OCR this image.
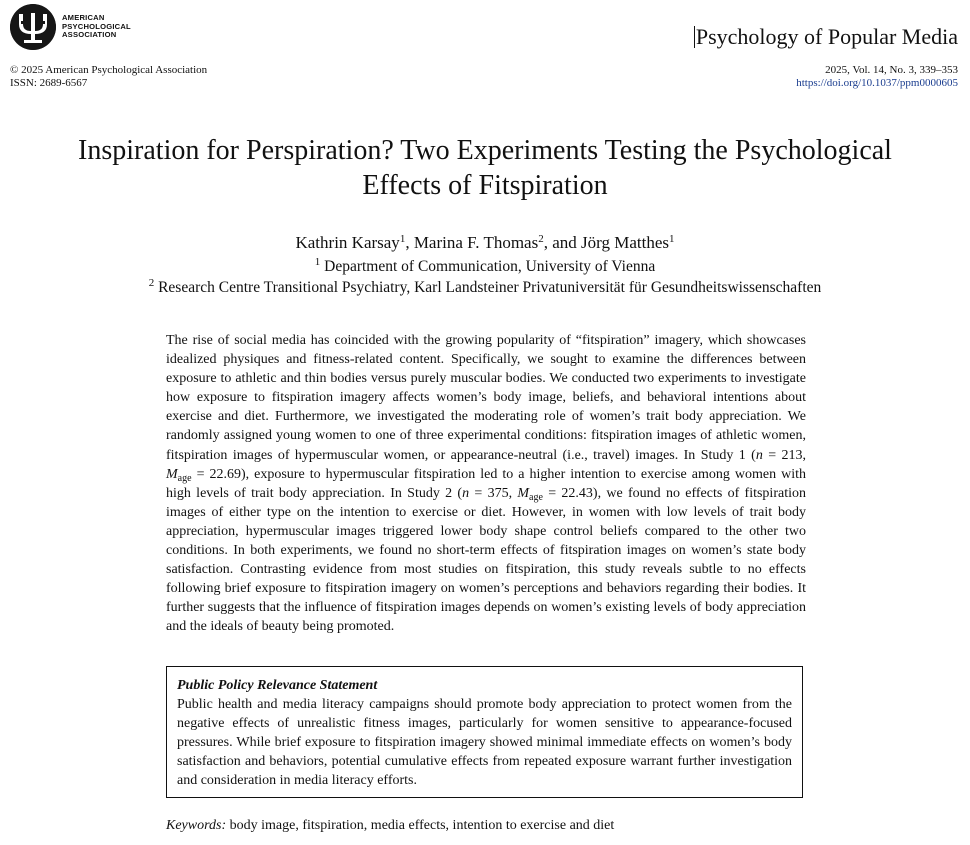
AMERICAN
PSYCHOLOGICAL
ASSOCIATION	Psychology of Popular Media
© 2025 American Psychological Association
ISSN: 2689-6567
2025, Vol. 14, No. 3, 339–353
https://doi.org/10.1037/ppm0000605
Inspiration for Perspiration? Two Experiments Testing the Psychological
Effects of Fitspiration
Kathrin Karsay$^1$, Marina F. Thomas$^2$, and Jörg Matthes$^1$
$^1$ Department of Communication, University of Vienna
$^2$ Research Centre Transitional Psychiatry, Karl Landsteiner Privatuniversität für Gesundheitswissenschaften
The rise of social media has coincided with the growing popularity of “fitspiration” imagery, which showcases idealized physiques and fitness-related content. Specifically, we sought to examine the differences between exposure to athletic and thin bodies versus purely muscular bodies. We conducted two experiments to investigate how exposure to fitspiration imagery affects women’s body image, beliefs, and behavioral intentions about exercise and diet. Furthermore, we investigated the moderating role of women’s trait body appreciation. We randomly assigned young women to one of three experimental conditions: fitspiration images of athletic women, fitspiration images of hypermuscular women, or appearance-neutral (i.e., travel) images. In Study 1 (n = 213, $M_{age} = 22.69$), exposure to hypermuscular fitspiration led to a higher intention to exercise among women with high levels of trait body appreciation. In Study 2 (n = 375, $M_{age} = 22.43$), we found no effects of fitspiration images of either type on the intention to exercise or diet. However, in women with low levels of trait body appreciation, hypermuscular images triggered lower body shape control beliefs compared to the other two conditions. In both experiments, we found no short-term effects of fitspiration images on women’s state body satisfaction. Contrasting evidence from most studies on fitspiration, this study reveals subtle to no effects following brief exposure to fitspiration imagery on women’s perceptions and behaviors regarding their bodies. It further suggests that the influence of fitspiration images depends on women’s existing levels of body appreciation and the ideals of beauty being promoted.
Public Policy Relevance Statement
Public health and media literacy campaigns should promote body appreciation to protect women from the negative effects of unrealistic fitness images, particularly for women sensitive to appearance-focused pressures. While brief exposure to fitspiration imagery showed minimal immediate effects on women’s body satisfaction and behaviors, potential cumulative effects from repeated exposure warrant further investigation and consideration in media literacy efforts.
Keywords: body image, fitspiration, media effects, intention to exercise and diet
